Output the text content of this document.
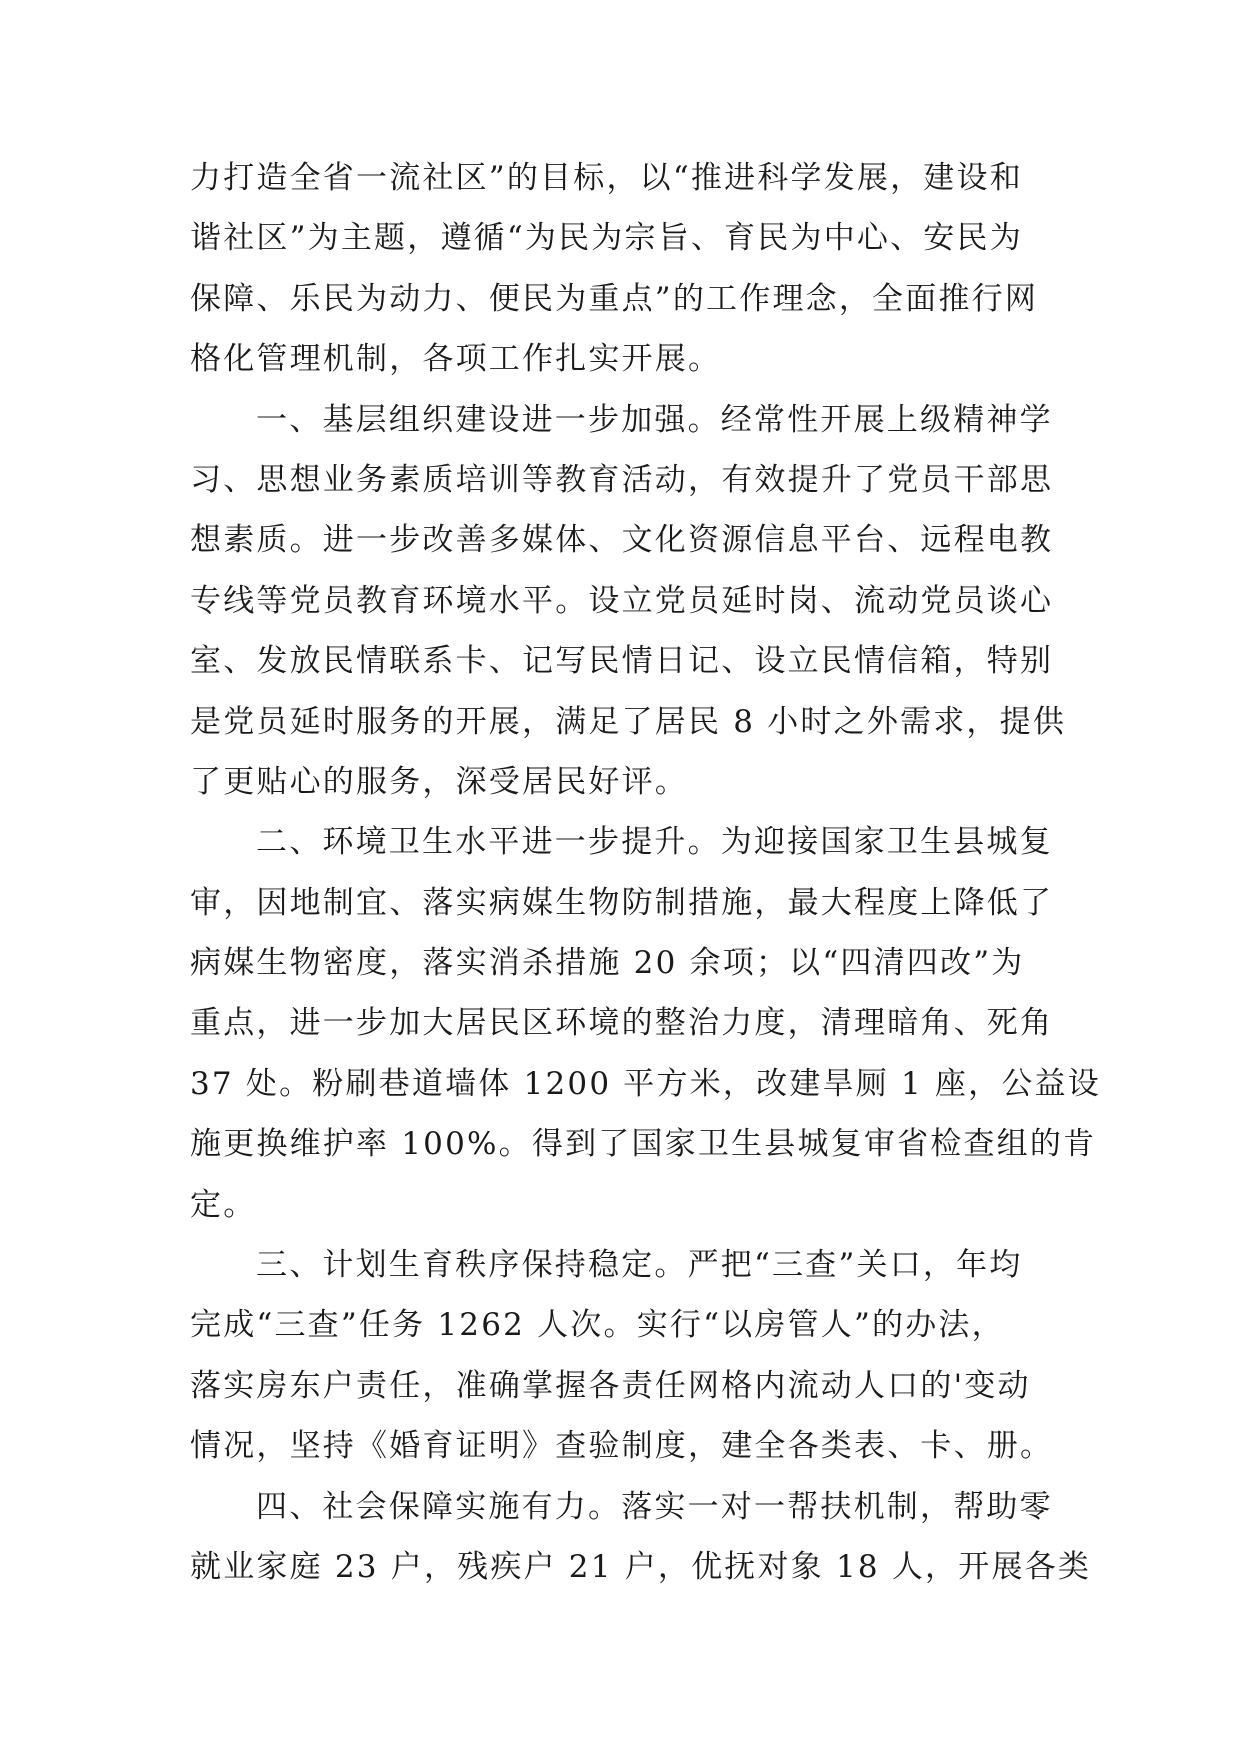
力打造全省一流社区”的目标，以“推进科学发展，建设和
谐社区”为主题，遵循“为民为宗旨、育民为中心、安民为
保障、乐民为动力、便民为重点”的工作理念，全面推行网
格化管理机制，各项工作扎实开展。
一、基层组织建设进一步加强。经常性开展上级精神学
习、思想业务素质培训等教育活动，有效提升了党员干部思
想素质。进一步改善多媒体、文化资源信息平台、远程电教
专线等党员教育环境水平。设立党员延时岗、流动党员谈心
室、发放民情联系卡、记写民情日记、设立民情信箱，特别
是党员延时服务的开展，满足了居民 8 小时之外需求，提供
了更贴心的服务，深受居民好评。
二、环境卫生水平进一步提升。为迎接国家卫生县城复
审，因地制宜、落实病媒生物防制措施，最大程度上降低了
病媒生物密度，落实消杀措施 20 余项；以“四清四改”为
重点，进一步加大居民区环境的整治力度，清理暗角、死角
37 处。粉刷巷道墙体 1200 平方米，改建旱厕 1 座，公益设
施更换维护率 100%。得到了国家卫生县城复审省检查组的肯
定。
三、计划生育秩序保持稳定。严把“三查”关口，年均
完成“三查”任务 1262 人次。实行“以房管人”的办法，
落实房东户责任，准确掌握各责任网格内流动人口的'变动
情况，坚持《婚育证明》查验制度，建全各类表、卡、册。
四、社会保障实施有力。落实一对一帮扶机制，帮助零
就业家庭 23 户，残疾户 21 户，优抚对象 18 人，开展各类
